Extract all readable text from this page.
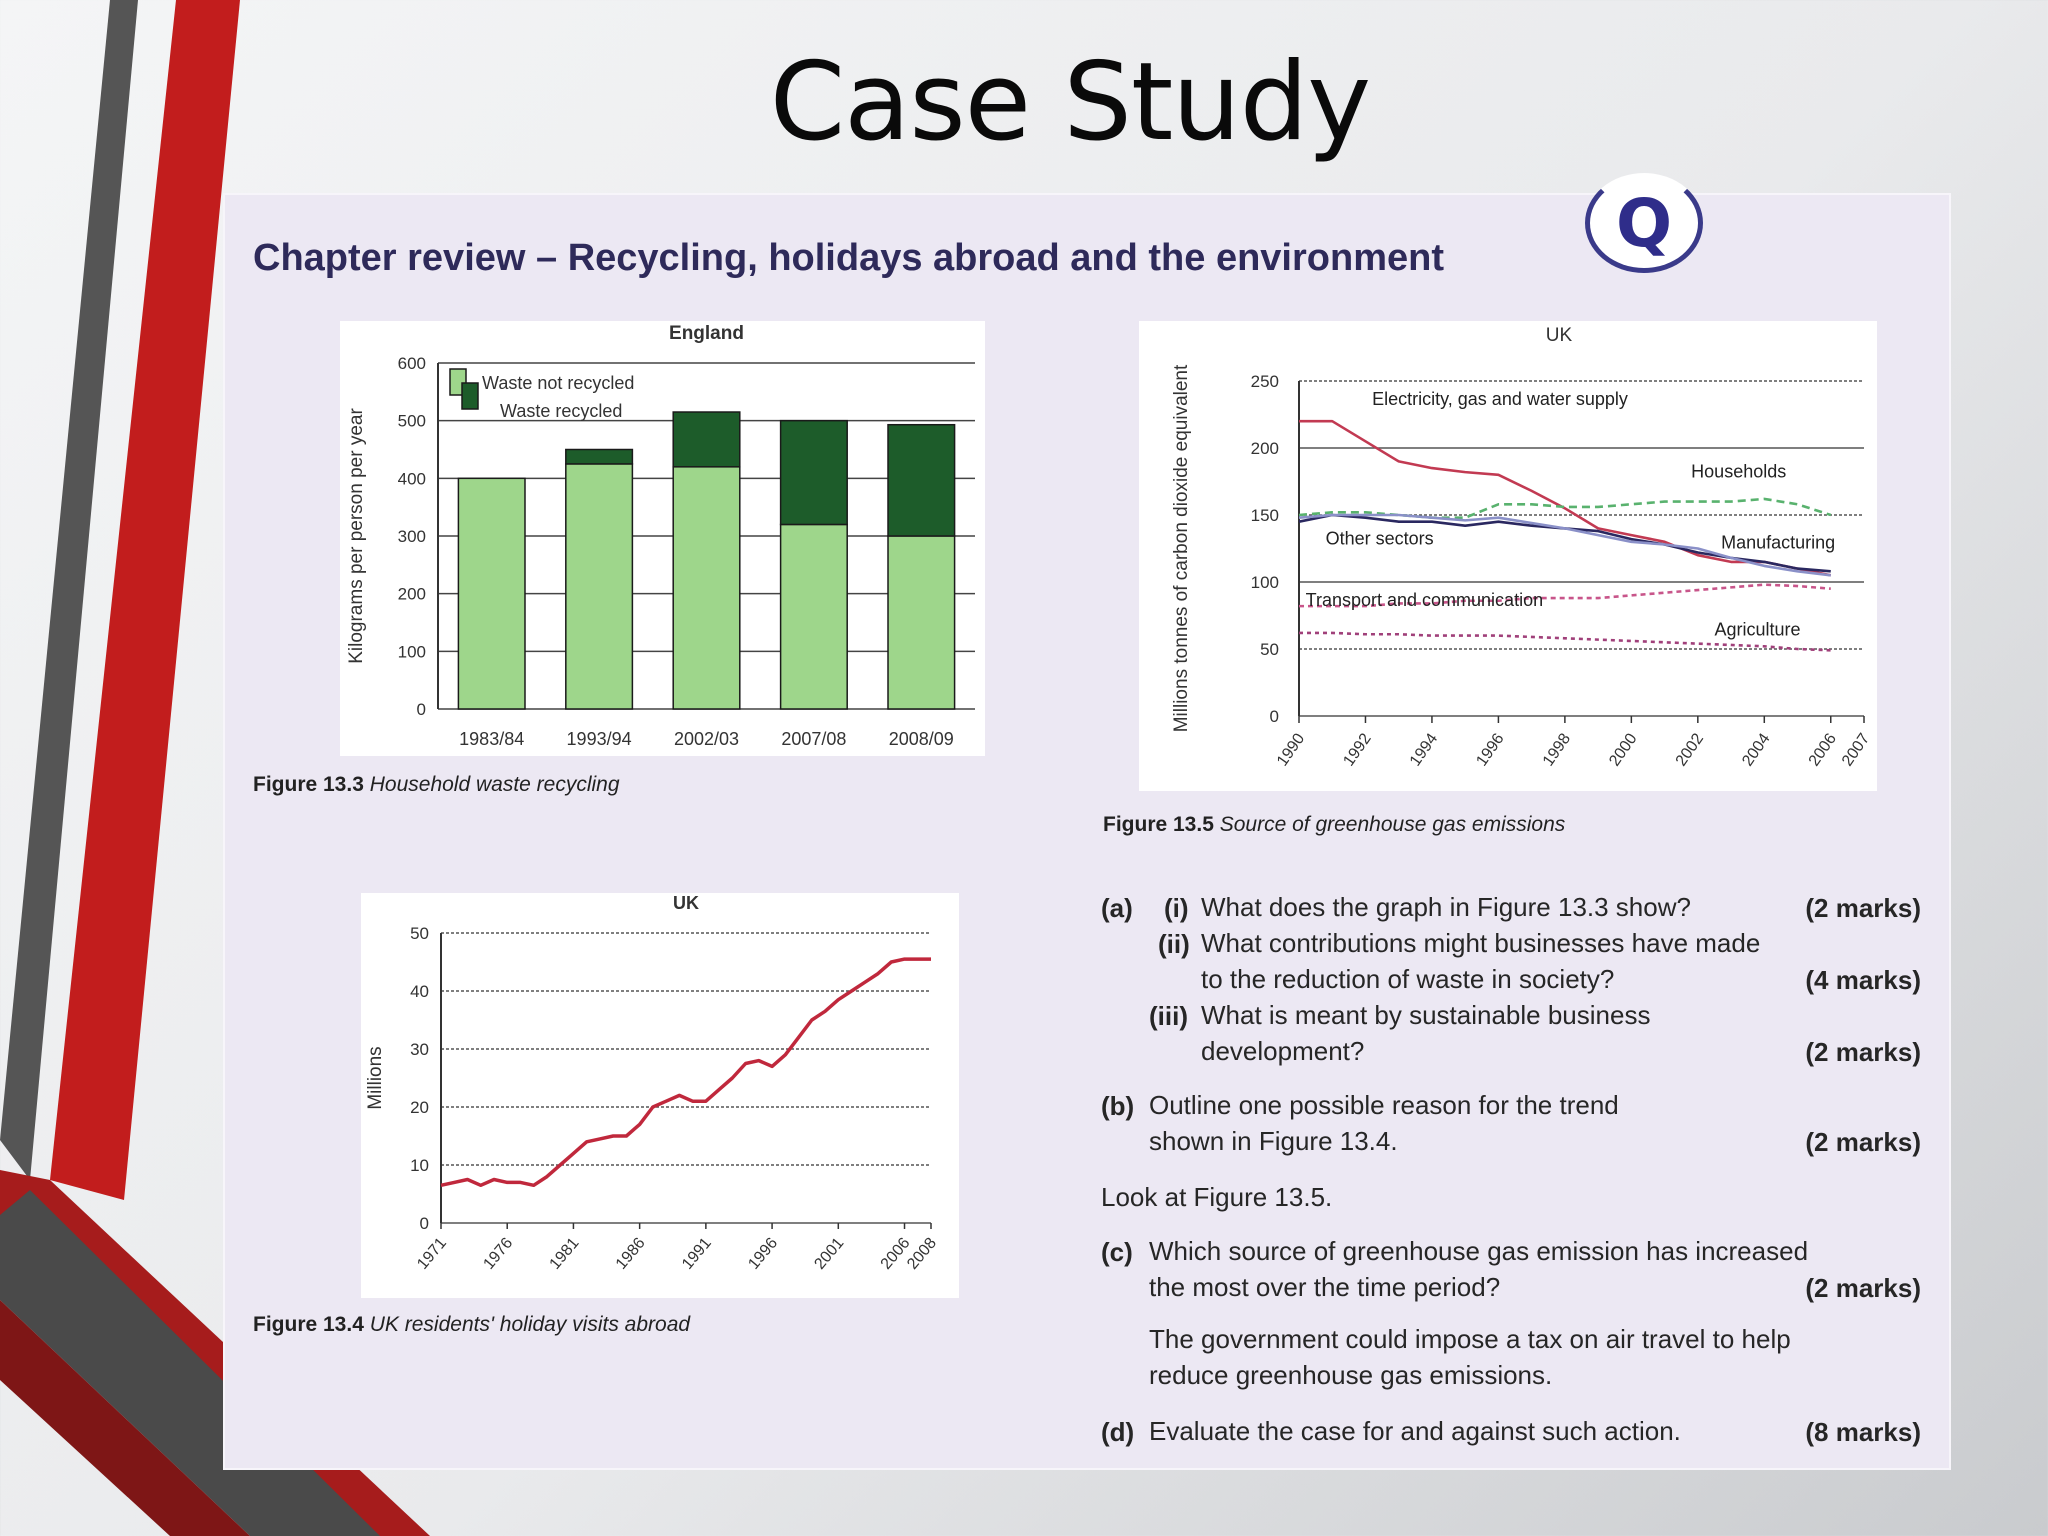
Case Study
Chapter review – Recycling, holidays abroad and the environment	Q
England
0
100
200
300
400
500
600
Kilograms per person per year
1983/84 1993/94 2002/03 2007/08 2008/09
Waste not recycled
Waste recycled
Figure 13.3 Household waste recycling
UK
0
10
20
30
40
50
Millions
1971 1976 1981 1986 1991 1996 2001 2006
2008
Figure 13.4 UK residents' holiday visits abroad
UK
0
50
100
150
200
250
Millions tonnes of carbon dioxide equivalent
1990 1992 1994 1996 1998 2000 2002 2004 2006
2007
Electricity, gas and water supply
Households
Manufacturing
Other sectors
Transport and communication
Agriculture
Figure 13.5 Source of greenhouse gas emissions
(a) (i) What does the graph in Figure 13.3 show?	(2 marks)
(ii) What contributions might businesses have made
to the reduction of waste in society?	(4 marks)
(iii) What is meant by sustainable business
development?	(2 marks)
(b) Outline one possible reason for the trend
shown in Figure 13.4.	(2 marks)
Look at Figure 13.5.
(c) Which source of greenhouse gas emission has increased
the most over the time period?	(2 marks)
The government could impose a tax on air travel to help
reduce greenhouse gas emissions.
(d) Evaluate the case for and against such action.	(8 marks)
